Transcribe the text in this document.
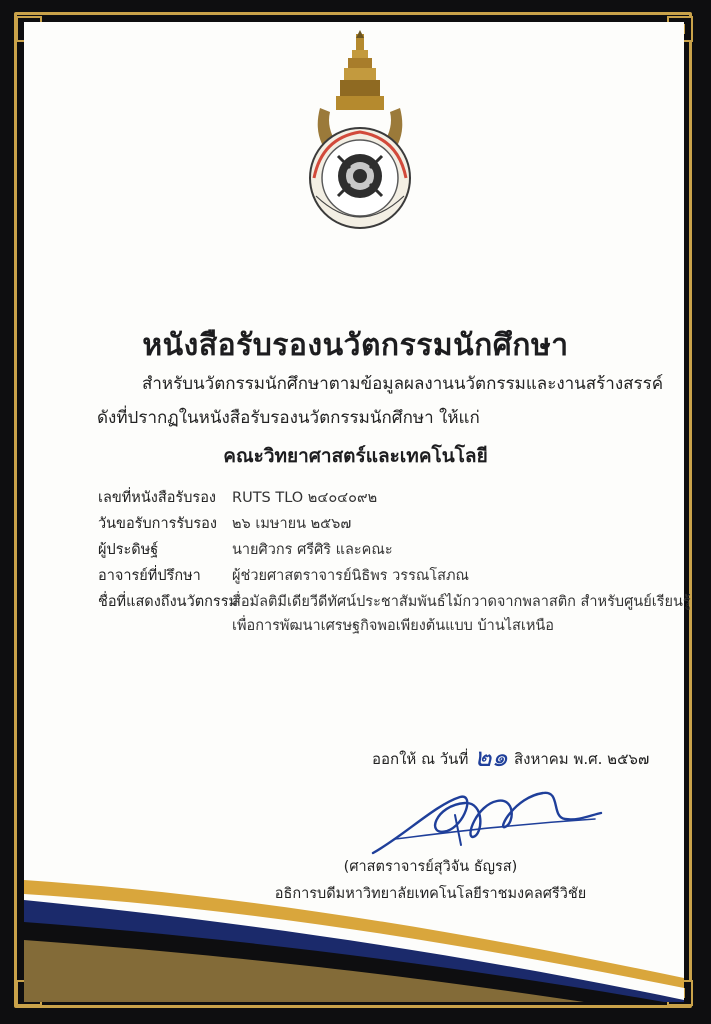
หนังสือรับรองนวัตกรรมนักศึกษา
สำหรับนวัตกรรมนักศึกษาตามข้อมูลผลงานนวัตกรรมและงานสร้างสรรค์
ดังที่ปรากฏในหนังสือรับรองนวัตกรรมนักศึกษา ให้แก่
คณะวิทยาศาสตร์และเทคโนโลยี
เลขที่หนังสือรับรอง RUTS TLO ๒๔๐๔๐๙๒
วันขอรับการรับรอง ๒๖ เมษายน ๒๕๖๗
ผู้ประดิษฐ์	นายศิวกร ศรีศิริ และคณะ
อาจารย์ที่ปรึกษา ผู้ช่วยศาสตราจารย์นิธิพร วรรณโสภณ
ชื่อที่แสดงถึงนวัตกรรม
สื่อมัลติมีเดียวีดีทัศน์ประชาสัมพันธ์ไม้กวาดจากพลาสติก สำหรับศูนย์เรียนรู้
เพื่อการพัฒนาเศรษฐกิจพอเพียงต้นแบบ บ้านไสเหนือ
ออกให้ ณ วันที่ ๒๑ สิงหาคม พ.ศ. ๒๕๖๗
(ศาสตราจารย์สุวิจัน ธัญรส)
อธิการบดีมหาวิทยาลัยเทคโนโลยีราชมงคลศรีวิชัย
